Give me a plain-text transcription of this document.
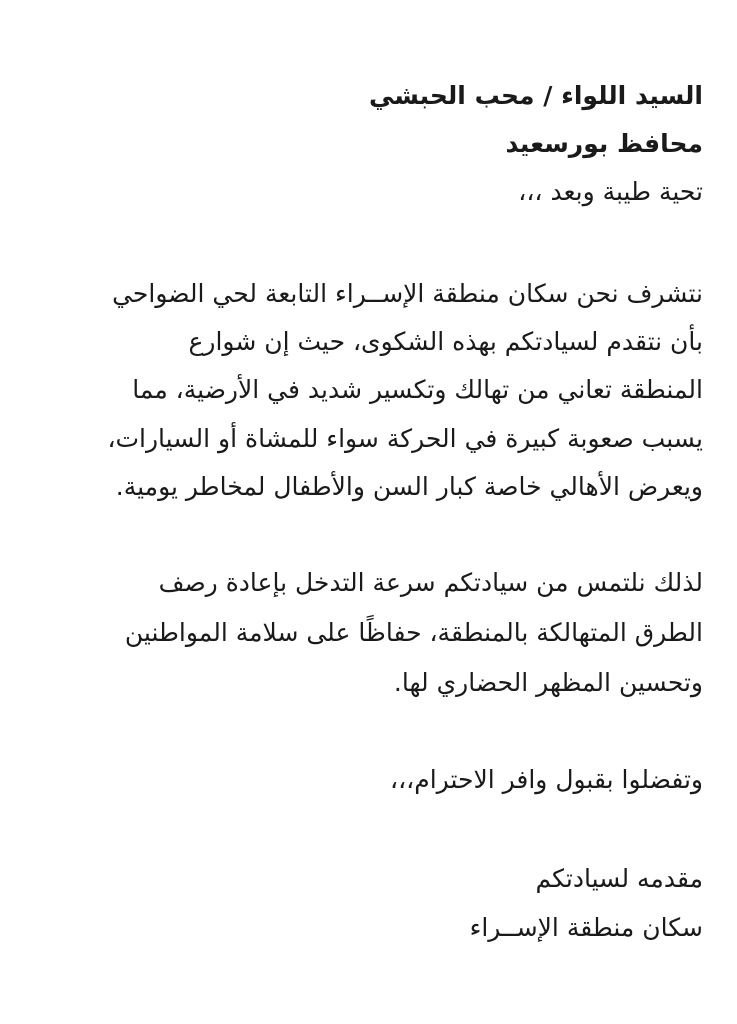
السيد اللواء / محب الحبشي

محافظ بورسعيد

تحية طيبة وبعد ،،،

نتشرف نحن سكان منطقة الإســراء التابعة لحي الضواحي

بأن نتقدم لسيادتكم بهذه الشكوى، حيث إن شوارع

المنطقة تعاني من تهالك وتكسير شديد في الأرضية، مما

يسبب صعوبة كبيرة في الحركة سواء للمشاة أو السيارات،

ويعرض الأهالي خاصة كبار السن والأطفال لمخاطر يومية.

لذلك نلتمس من سيادتكم سرعة التدخل بإعادة رصف

الطرق المتهالكة بالمنطقة، حفاظًا على سلامة المواطنين

وتحسين المظهر الحضاري لها.

وتفضلوا بقبول وافر الاحترام،،،

مقدمه لسيادتكم

سكان منطقة الإســراء
